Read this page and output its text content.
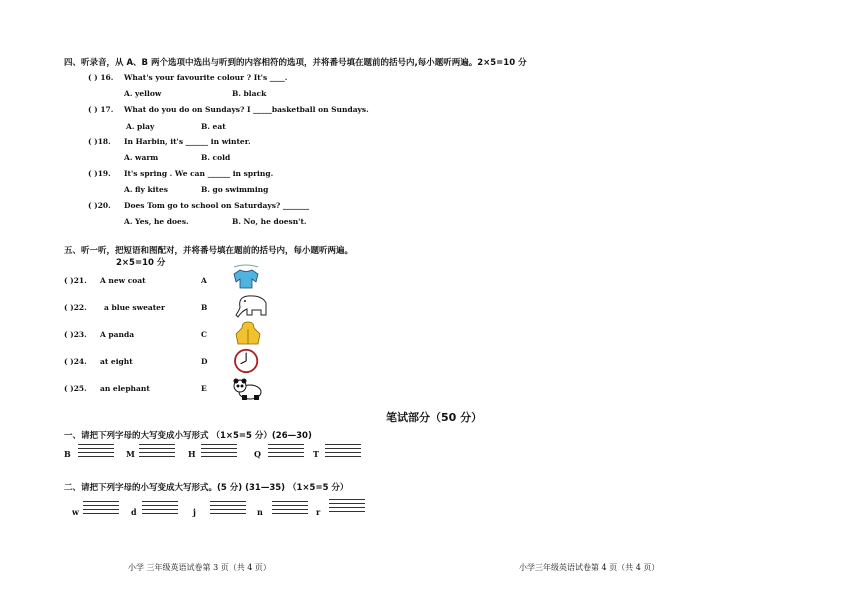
四、听录音，从 A、B 两个选项中选出与听到的内容相符的选项，并将番号填在题前的括号内,每小题听两遍。2×5=10 分
( ) 16. What's your favourite colour ? It's ____.
A. yellow	B. black
( ) 17. What do you do on Sundays? I _____basketball on Sundays.
A. play	B. eat
( )18. In Harbin, it's ______ in winter.
A. warm	B. cold
( )19. It's spring . We can ______ in spring.
A. fly kites	B. go swimming
( )20. Does Tom go to school on Saturdays? _______
A. Yes, he does.	B. No, he doesn't.
五、听一听，把短语和图配对，并将番号填在题前的括号内，每小题听两遍。
2×5=10 分
( )21. A new coat	A
( )22. a blue sweater	B
( )23. A panda	C
( )24. at eight	D
( )25. an elephant	E
笔试部分（50 分）
一、请把下列字母的大写变成小写形式 （1×5=5 分）(26—30)
B	M	H	Q	T
二、请把下列字母的小写变成大写形式。(5 分) (31—35) （1×5=5 分）
w	d	j	n	r
小学 三年级英语试卷第 3 页（共 4 页）	小学三年级英语试卷第 4 页（共 4 页）
